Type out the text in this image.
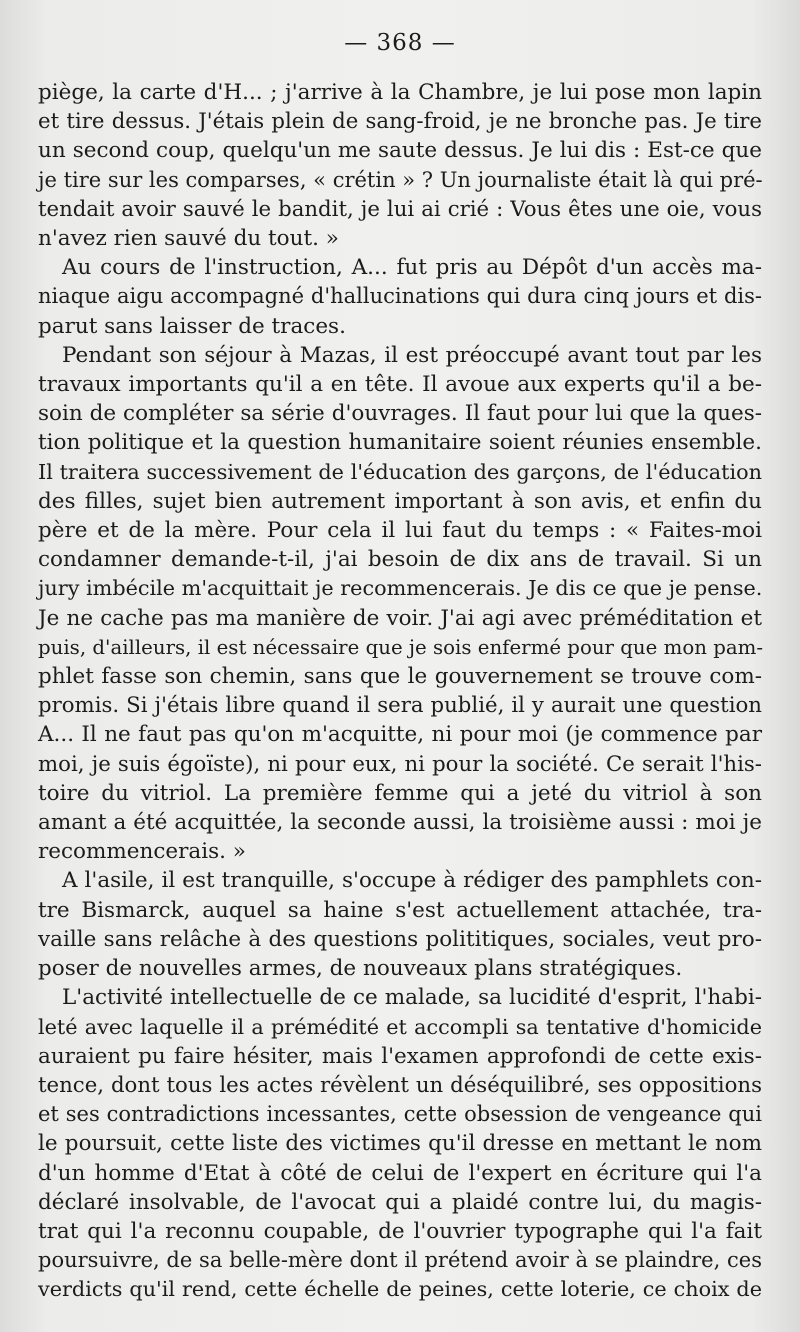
— 368 —
piège, la carte d'H... ; j'arrive à la Chambre, je lui pose mon lapin
et tire dessus. J'étais plein de sang-froid, je ne bronche pas. Je tire
un second coup, quelqu'un me saute dessus. Je lui dis : Est-ce que
je tire sur les comparses, « crétin » ? Un journaliste était là qui pré-
tendait avoir sauvé le bandit, je lui ai crié : Vous êtes une oie, vous
n'avez rien sauvé du tout. »
Au cours de l'instruction, A... fut pris au Dépôt d'un accès ma-
niaque aigu accompagné d'hallucinations qui dura cinq jours et dis-
parut sans laisser de traces.
Pendant son séjour à Mazas, il est préoccupé avant tout par les
travaux importants qu'il a en tête. Il avoue aux experts qu'il a be-
soin de compléter sa série d'ouvrages. Il faut pour lui que la ques-
tion politique et la question humanitaire soient réunies ensemble.
Il traitera successivement de l'éducation des garçons, de l'éducation
des filles, sujet bien autrement important à son avis, et enfin du
père et de la mère. Pour cela il lui faut du temps : « Faites-moi
condamner demande-t-il, j'ai besoin de dix ans de travail. Si un
jury imbécile m'acquittait je recommencerais. Je dis ce que je pense.
Je ne cache pas ma manière de voir. J'ai agi avec préméditation et
puis, d'ailleurs, il est nécessaire que je sois enfermé pour que mon pam-
phlet fasse son chemin, sans que le gouvernement se trouve com-
promis. Si j'étais libre quand il sera publié, il y aurait une question
A... Il ne faut pas qu'on m'acquitte, ni pour moi (je commence par
moi, je suis égoïste), ni pour eux, ni pour la société. Ce serait l'his-
toire du vitriol. La première femme qui a jeté du vitriol à son
amant a été acquittée, la seconde aussi, la troisième aussi : moi je
recommencerais. »
A l'asile, il est tranquille, s'occupe à rédiger des pamphlets con-
tre Bismarck, auquel sa haine s'est actuellement attachée, tra-
vaille sans relâche à des questions polititiques, sociales, veut pro-
poser de nouvelles armes, de nouveaux plans stratégiques.
L'activité intellectuelle de ce malade, sa lucidité d'esprit, l'habi-
leté avec laquelle il a prémédité et accompli sa tentative d'homicide
auraient pu faire hésiter, mais l'examen approfondi de cette exis-
tence, dont tous les actes révèlent un déséquilibré, ses oppositions
et ses contradictions incessantes, cette obsession de vengeance qui
le poursuit, cette liste des victimes qu'il dresse en mettant le nom
d'un homme d'Etat à côté de celui de l'expert en écriture qui l'a
déclaré insolvable, de l'avocat qui a plaidé contre lui, du magis-
trat qui l'a reconnu coupable, de l'ouvrier typographe qui l'a fait
poursuivre, de sa belle-mère dont il prétend avoir à se plaindre, ces
verdicts qu'il rend, cette échelle de peines, cette loterie, ce choix de
